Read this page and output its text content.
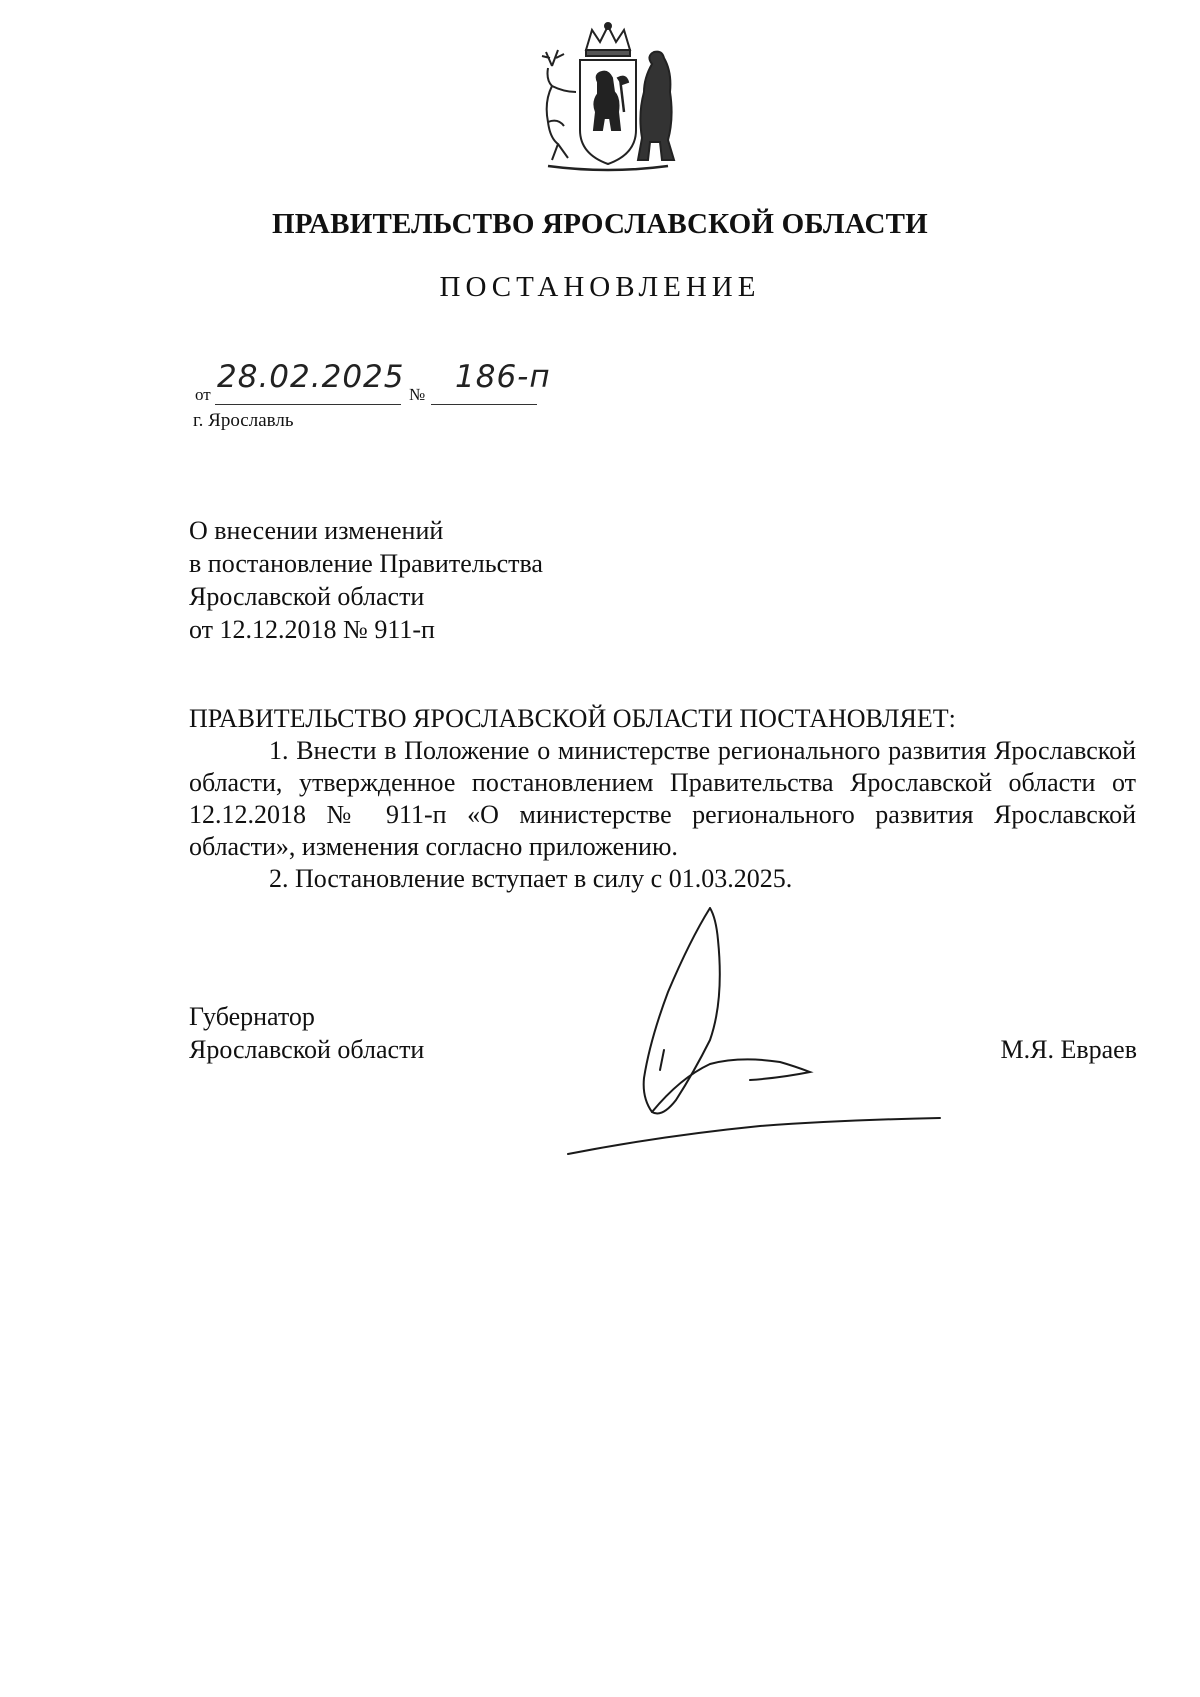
ПРАВИТЕЛЬСТВО ЯРОСЛАВСКОЙ ОБЛАСТИ
ПОСТАНОВЛЕНИЕ
от 28.02.2025 № 186-п
г. Ярославль
О внесении изменений
в постановление Правительства
Ярославской области
от 12.12.2018 № 911-п

ПРАВИТЕЛЬСТВО ЯРОСЛАВСКОЙ ОБЛАСТИ ПОСТАНОВЛЯЕТ:

1. Внести в Положение о министерстве регионального развития Ярославской области, утвержденное постановлением Правительства Ярославской области от 12.12.2018 № 911-п «О министерстве регионального развития Ярославской области», изменения согласно приложению.

2. Постановление вступает в силу с 01.03.2025.

Губернатор
Ярославской области	М.Я. Евраев
